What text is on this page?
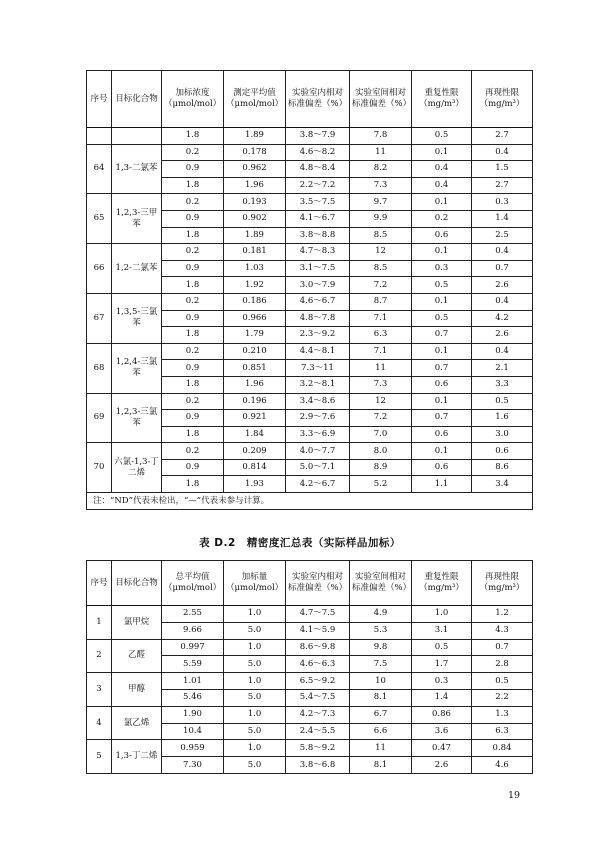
序号	目标化合物	加标浓度（μmol/mol）	测定平均值（μmol/mol）	实验室内相对标准偏差（%）	实验室间相对标准偏差（%）	重复性限（mg/m³）	再现性限（mg/m³）
		1.8	1.89	3.8～7.9	7.8	0.5	2.7
64	1,3-二氯苯	0.2	0.178	4.6～8.2	11	0.1	0.4
		0.9	0.962	4.8～8.4	8.2	0.4	1.5
		1.8	1.96	2.2～7.2	7.3	0.4	2.7
65	1,2,3-三甲苯	0.2	0.193	3.5～7.5	9.7	0.1	0.3
		0.9	0.902	4.1～6.7	9.9	0.2	1.4
		1.8	1.89	3.8～8.8	8.5	0.6	2.5
66	1,2-二氯苯	0.2	0.181	4.7～8.3	12	0.1	0.4
		0.9	1.03	3.1～7.5	8.5	0.3	0.7
		1.8	1.92	3.0～7.9	7.2	0.5	2.6
67	1,3,5-三氯苯	0.2	0.186	4.6～6.7	8.7	0.1	0.4
		0.9	0.966	4.8～7.8	7.1	0.5	4.2
		1.8	1.79	2.3～9.2	6.3	0.7	2.6
68	1,2,4-三氯苯	0.2	0.210	4.4～8.1	7.1	0.1	0.4
		0.9	0.851	7.3～11	11	0.7	2.1
		1.8	1.96	3.2～8.1	7.3	0.6	3.3
69	1,2,3-三氯苯	0.2	0.196	3.4～8.6	12	0.1	0.5
		0.9	0.921	2.9～7.6	7.2	0.7	1.6
		1.8	1.84	3.3～6.9	7.0	0.6	3.0
70	六氯-1,3-丁二烯	0.2	0.209	4.0～7.7	8.0	0.1	0.6
		0.9	0.814	5.0～7.1	8.9	0.6	8.6
		1.8	1.93	4.2～6.7	5.2	1.1	3.4
注：“ND”代表未检出，“—”代表未参与计算。							
表 D.2　精密度汇总表（实际样品加标）
序号	目标化合物	总平均值（μmol/mol）	加标量（μmol/mol）	实验室内相对标准偏差（%）	实验室间相对标准偏差（%）	重复性限（mg/m³）	再现性限（mg/m³）
1	氯甲烷	2.55	1.0	4.7～7.5	4.9	1.0	1.2
		9.66	5.0	4.1～5.9	5.3	3.1	4.3
2	乙醛	0.997	1.0	8.6～9.8	9.8	0.5	0.7
		5.59	5.0	4.6～6.3	7.5	1.7	2.8
3	甲醇	1.01	1.0	6.5～9.2	10	0.3	0.5
		5.46	5.0	5.4～7.5	8.1	1.4	2.2
4	氯乙烯	1.90	1.0	4.2～7.3	6.7	0.86	1.3
		10.4	5.0	2.4～5.5	6.6	3.6	6.3
5	1,3-丁二烯	0.959	1.0	5.8～9.2	11	0.47	0.84
		7.30	5.0	3.8～6.8	8.1	2.6	4.6
19
